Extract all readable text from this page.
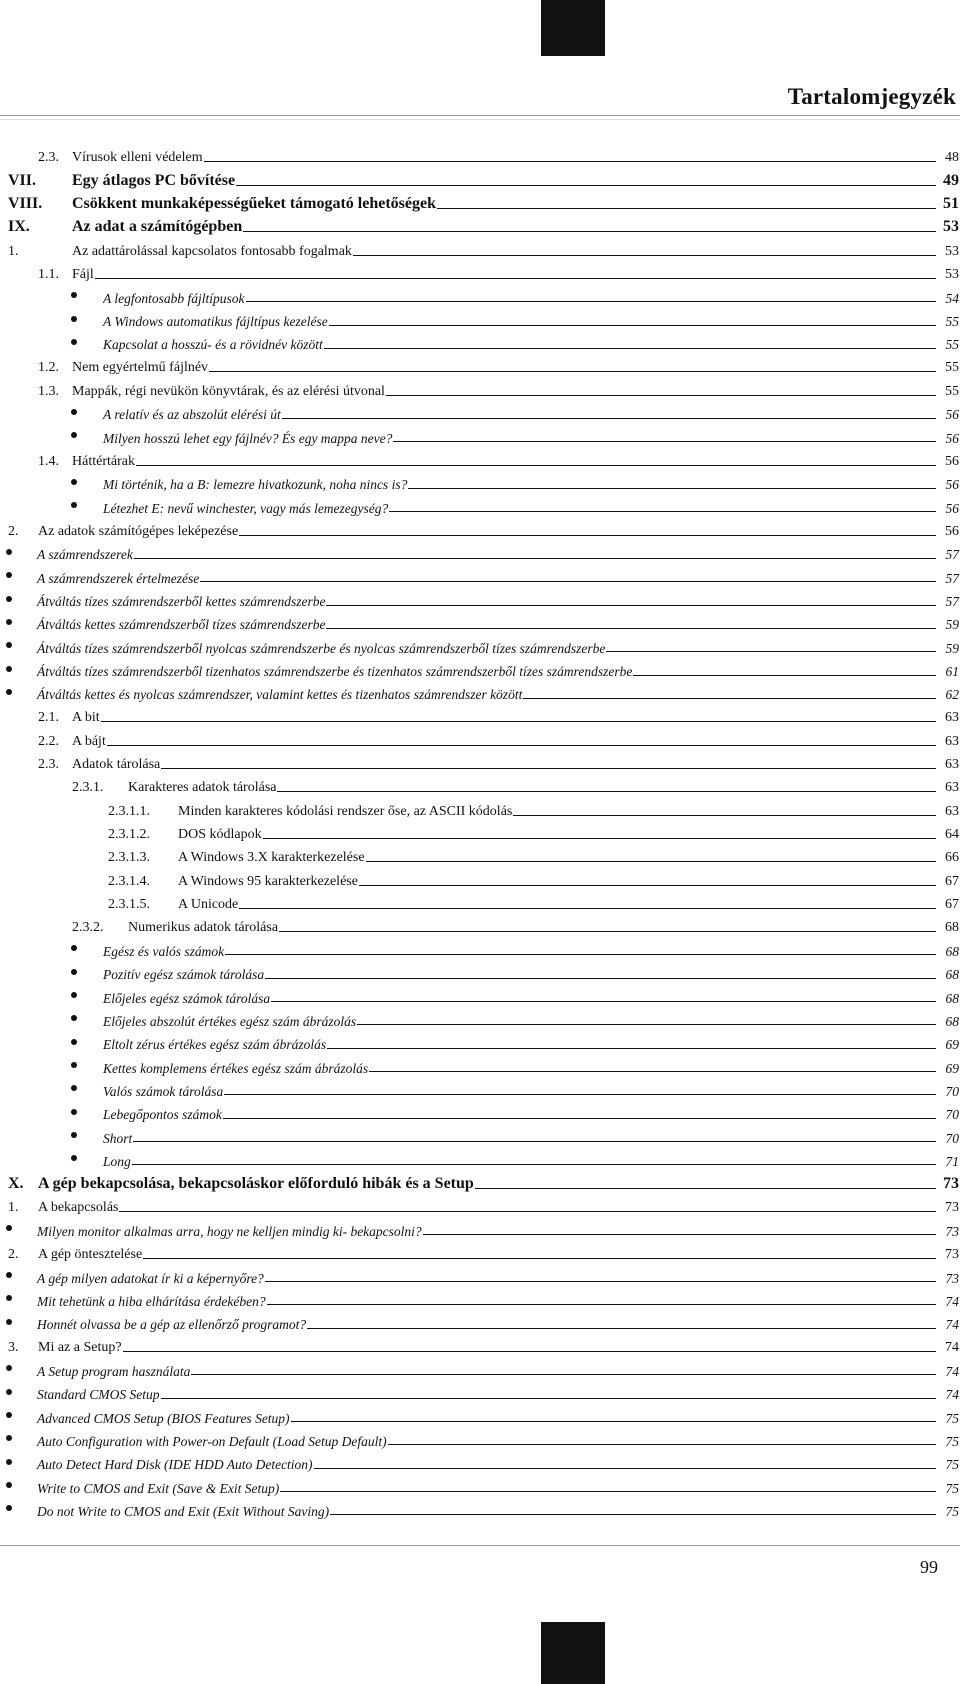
Tartalomjegyzék
2.3. Vírusok elleni védelem	48
VII.	Egy átlagos PC bővítése	49
VIII.	Csökkent munkaképességűeket támogató lehetőségek	51
IX.	Az adat a számítógépben	53
1.	Az adattárolással kapcsolatos fontosabb fogalmak	53
1.1. Fájl	53
A legfontosabb fájltípusok	54
A Windows automatikus fájltípus kezelése	55
Kapcsolat a hosszú- és a rövidnév között	55
1.2. Nem egyértelmű fájlnév	55
1.3. Mappák, régi nevükön könyvtárak, és az elérési útvonal	55
A relatív és az abszolút elérési út	56
Milyen hosszú lehet egy fájlnév? És egy mappa neve?	56
1.4. Háttértárak	56
Mi történik, ha a B: lemezre hivatkozunk, noha nincs is?	56
Létezhet E: nevű winchester, vagy más lemezegység?	56
2.	Az adatok számítógépes leképezése	56
A számrendszerek	57
A számrendszerek értelmezése	57
Átváltás tízes számrendszerből kettes számrendszerbe	57
Átváltás kettes számrendszerből tízes számrendszerbe	59
Átváltás tízes számrendszerből nyolcas számrendszerbe és nyolcas számrendszerből tízes számrendszerbe	59
Átváltás tízes számrendszerből tizenhatos számrendszerbe és tizenhatos számrendszerből tízes számrendszerbe	61
Átváltás kettes és nyolcas számrendszer, valamint kettes és tizenhatos számrendszer között	62
2.1. A bit	63
2.2. A bájt	63
2.3. Adatok tárolása	63
2.3.1.	Karakteres adatok tárolása	63
2.3.1.1.	Minden karakteres kódolási rendszer őse, az ASCII kódolás	63
2.3.1.2.	DOS kódlapok	64
2.3.1.3.	A Windows 3.X karakterkezelése	66
2.3.1.4.	A Windows 95 karakterkezelése	67
2.3.1.5.	A Unicode	67
2.3.2.	Numerikus adatok tárolása	68
Egész és valós számok	68
Pozitív egész számok tárolása	68
Előjeles egész számok tárolása	68
Előjeles abszolút értékes egész szám ábrázolás	68
Eltolt zérus értékes egész szám ábrázolás	69
Kettes komplemens értékes egész szám ábrázolás	69
Valós számok tárolása	70
Lebegőpontos számok	70
Short	70
Long	71
X. A gép bekapcsolása, bekapcsoláskor előforduló hibák és a Setup	73
1.	A bekapcsolás	73
Milyen monitor alkalmas arra, hogy ne kelljen mindig ki- bekapcsolni?	73
2.	A gép öntesztelése	73
A gép milyen adatokat ír ki a képernyőre?	73
Mit tehetünk a hiba elhárítása érdekében?	74
Honnét olvassa be a gép az ellenőrző programot?	74
3.	Mi az a Setup?	74
A Setup program használata	74
Standard CMOS Setup	74
Advanced CMOS Setup (BIOS Features Setup)	75
Auto Configuration with Power-on Default (Load Setup Default)	75
Auto Detect Hard Disk (IDE HDD Auto Detection)	75
Write to CMOS and Exit (Save & Exit Setup)	75
Do not Write to CMOS and Exit (Exit Without Saving)	75
99
